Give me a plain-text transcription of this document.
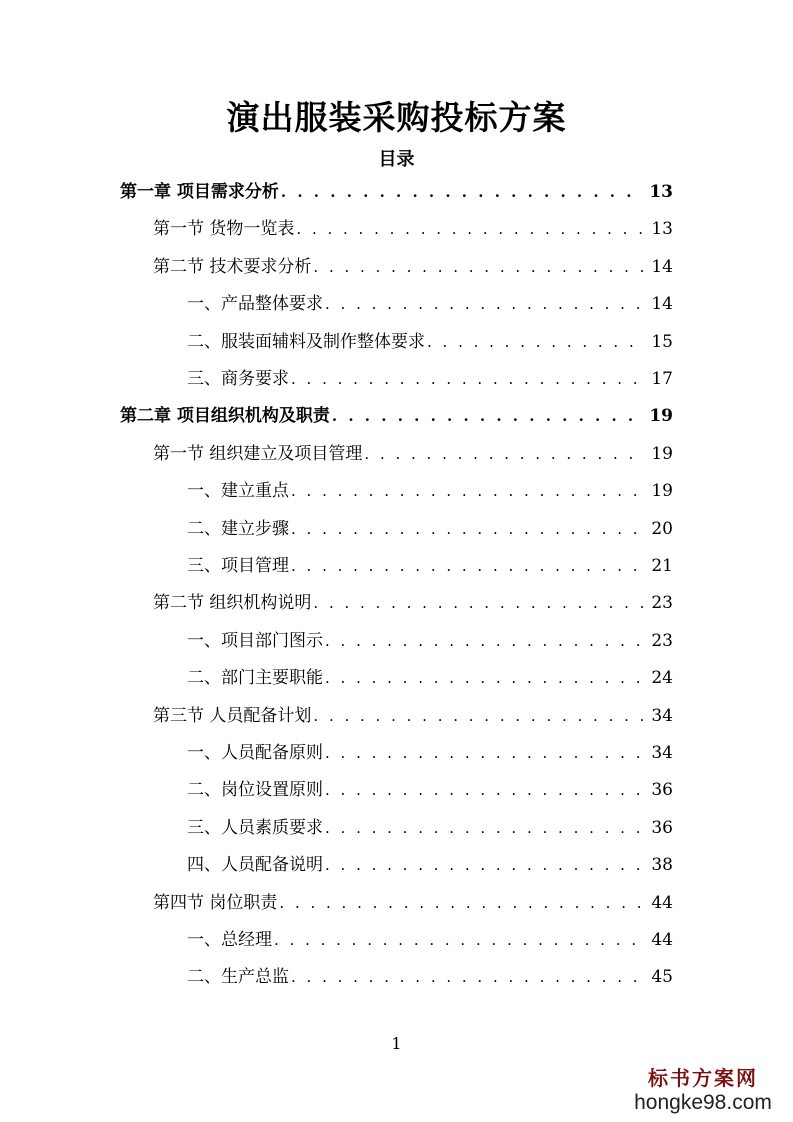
演出服装采购投标方案
目录
第一章 项目需求分析 . . .	13
第一节 货物一览表 . . .	13
第二节 技术要求分析 . . .	14
一、产品整体要求 . . .	14
二、服装面辅料及制作整体要求 . . .	15
三、商务要求 . . .	17
第二章 项目组织机构及职责 . . .	19
第一节 组织建立及项目管理 . . .	19
一、建立重点 . . .	19
二、建立步骤 . . .	20
三、项目管理 . . .	21
第二节 组织机构说明 . . .	23
一、项目部门图示 . . .	23
二、部门主要职能 . . .	24
第三节 人员配备计划 . . .	34
一、人员配备原则 . . .	34
二、岗位设置原则 . . .	36
三、人员素质要求 . . .	36
四、人员配备说明 . . .	38
第四节 岗位职责 . . .	44
一、总经理 . . .	44
二、生产总监 . . .	45
1
标书方案网
hongke98.com
